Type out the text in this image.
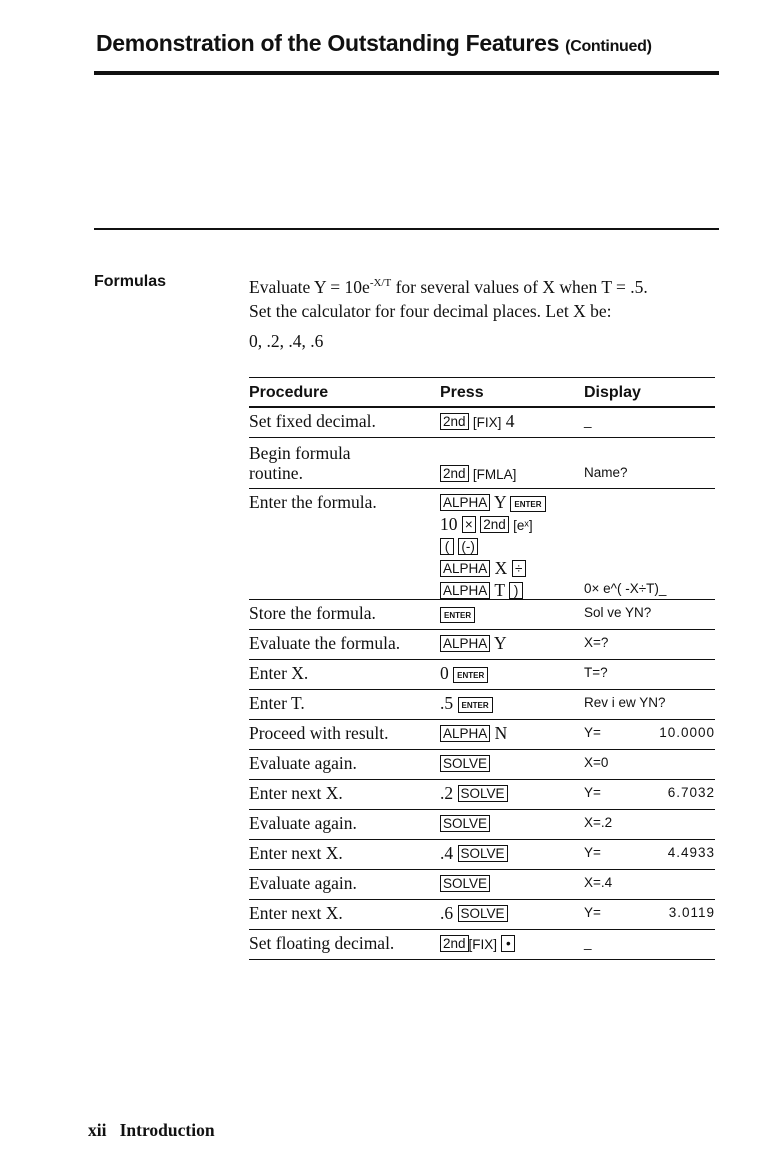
Demonstration of the Outstanding Features (Continued)
Formulas	Evaluate $Y = 10e^{-X/T}$ for several values of X when T = .5.
Set the calculator for four decimal places. Let X be:
0, .2, .4, .6
Procedure	Press	Display
Set fixed decimal.	2nd [FIX] 4	_
Begin formula
routine.	2nd [FMLA]	Name?
Enter the formula.	ALPHA Y ENTER
10 × 2nd [eˣ]
( (-)
ALPHA X ÷
ALPHA T )	0× e^( -X÷T)_
Store the formula.	ENTER	Sol ve YN?
Evaluate the formula.	ALPHA Y	X=?
Enter X.	0 ENTER	T=?
Enter T.	.5 ENTER	Rev i ew YN?
Proceed with result.	ALPHA N	Y=	10.0000
Evaluate again.	SOLVE	X=0
Enter next X.	.2 SOLVE	Y=	6.7032
Evaluate again.	SOLVE	X=.2
Enter next X.	.4 SOLVE	Y=	4.4933
Evaluate again.	SOLVE	X=.4
Enter next X.	.6 SOLVE	Y=	3.0119
Set floating decimal.	2nd [FIX] •	_
xii   Introduction
